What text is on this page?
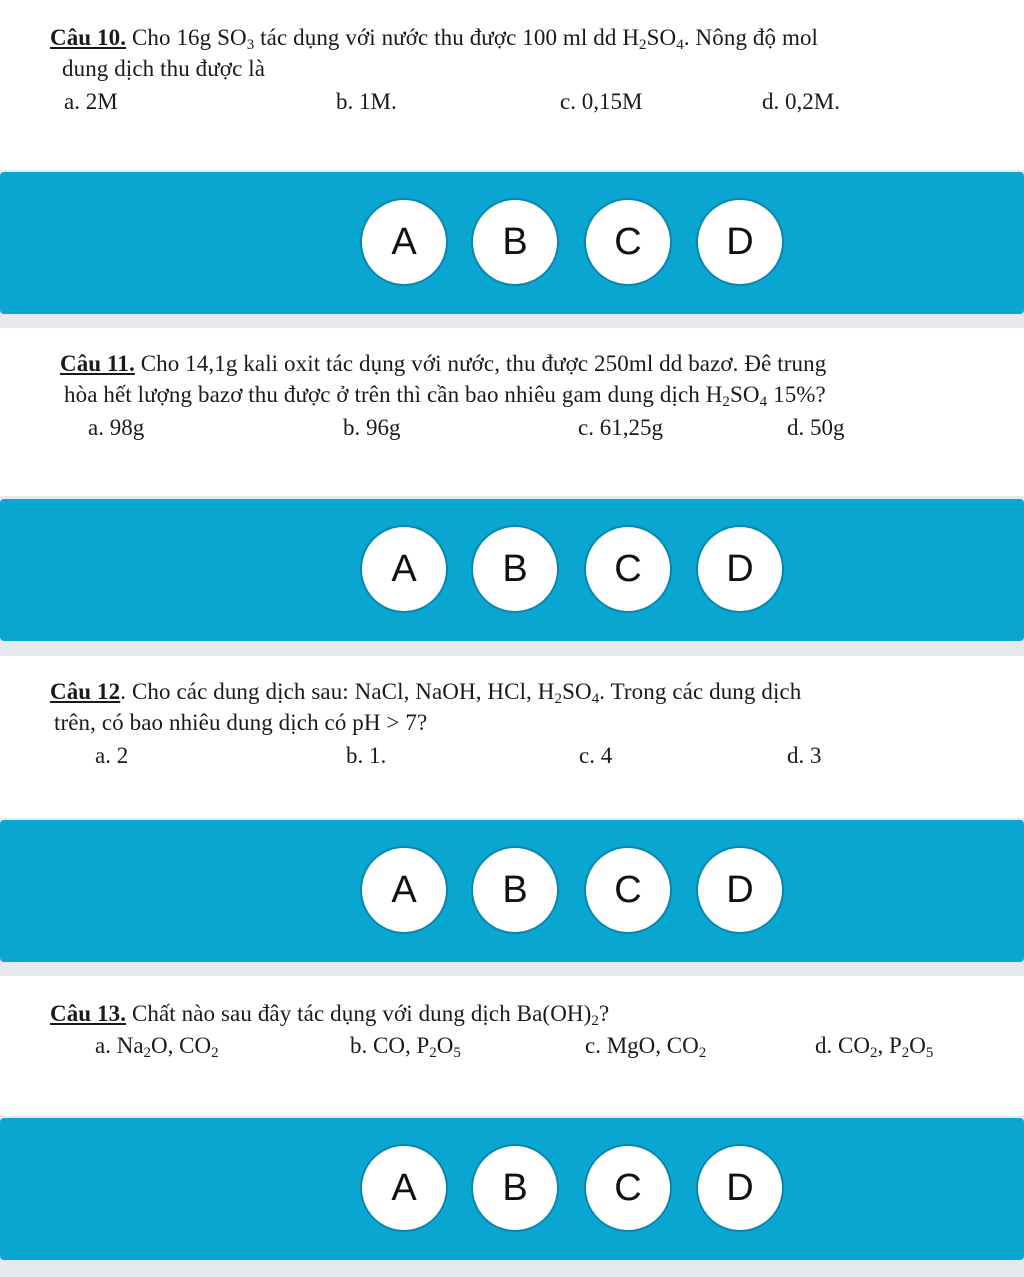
Câu 10. Cho 16g $SO_3$ tác dụng với nước thu được 100 ml dd $H_2SO_4$. Nông độ mol
dung dịch thu được là
a. 2M	b. 1M.	c. 0,15M	d. 0,2M.
A	B	C	D
Câu 11. Cho 14,1g kali oxit tác dụng với nước, thu được 250ml dd bazơ. Đê trung
hòa hết lượng bazơ thu được ở trên thì cần bao nhiêu gam dung dịch $H_2SO_4$ 15%?
a. 98g	b. 96g	c. 61,25g	d. 50g
A	B	C	D
Câu 12. Cho các dung dịch sau: NaCl, NaOH, HCl, $H_2SO_4$. Trong các dung dịch
trên, có bao nhiêu dung dịch có pH > 7?
a. 2	b. 1.	c. 4	d. 3
A	B	C	D
Câu 13. Chất nào sau đây tác dụng với dung dịch $Ba(OH)_2$?
a. $Na_2O$, $CO_2$	b. CO, $P_2O_5$	c. MgO, $CO_2$	d. $CO_2$, $P_2O_5$
A	B	C	D
